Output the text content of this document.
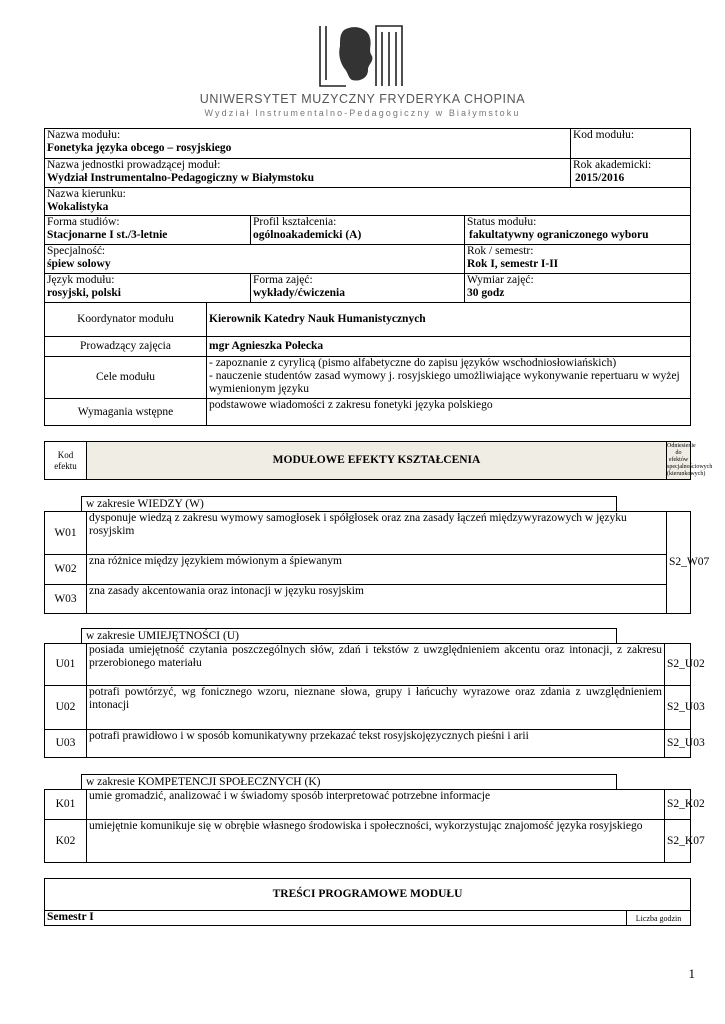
UNIWERSYTET MUZYCZNY FRYDERYKA CHOPINA
Wydział Instrumentalno-Pedagogiczny w Białymstoku
Nazwa modułu:
Fonetyka języka obcego – rosyjskiego			Kod modułu:

Nazwa jednostki prowadzącej moduł:
Wydział Instrumentalno-Pedagogiczny w Białymstoku			Rok akademicki:
2015/2016

Nazwa kierunku:
Wokalistyka			

Forma studiów:
Stacjonarne I st./3-letnie	Profil kształcenia:
ogólnoakademicki (A)	Status modułu:
fakultatywny ograniczonego wyboru	

Specjalność:
śpiew solowy		Rok / semestr:
Rok I, semestr I-II	

Język modułu:
rosyjski, polski	Forma zajęć:
wykłady/ćwiczenia	Wymiar zajęć:
30 godz	
Koordynator modułu	Kierownik Katedry Nauk Humanistycznych
Prowadzący zajęcia	mgr Agnieszka Połecka
Cele modułu	- zapoznanie z cyrylicą (pismo alfabetyczne do zapisu języków wschodniosłowiańskich)
- nauczenie studentów zasad wymowy j. rosyjskiego umożliwiające wykonywanie repertuaru w wyżej wymienionym języku

Wymagania wstępne	podstawowe wiadomości z zakresu fonetyki języka polskiego
Kod efektu	MODUŁOWE EFEKTY KSZTAŁCENIA	Odniesienie do efektów specjalnościowych (kierunkowych)
w zakresie WIEDZY (W)
W01	dysponuje wiedzą z zakresu wymowy samogłosek i spółgłosek oraz zna zasady łączeń międzywyrazowych w języku rosyjskim	S2_W07
W02	zna różnice między językiem mówionym a śpiewanym	
W03	zna zasady akcentowania oraz intonacji w języku rosyjskim	
w zakresie UMIEJĘTNOŚCI (U)
U01	posiada umiejętność czytania poszczególnych słów, zdań i tekstów z uwzględnieniem akcentu oraz intonacji, z zakresu przerobionego materiału	S2_U02
U02	potrafi powtórzyć, wg fonicznego wzoru, nieznane słowa, grupy i łańcuchy wyrazowe oraz zdania z uwzględnieniem intonacji	S2_U03
U03	potrafi prawidłowo i w sposób komunikatywny przekazać tekst rosyjskojęzycznych pieśni i arii	S2_U03
w zakresie KOMPETENCJI SPOŁECZNYCH (K)
K01	umie gromadzić, analizować i w świadomy sposób interpretować potrzebne informacje	S2_K02
K02	umiejętnie komunikuje się w obrębie własnego środowiska i społeczności, wykorzystując znajomość języka rosyjskiego	S2_K07
TREŚCI PROGRAMOWE MODUŁU
Semestr I	Liczba godzin
1
